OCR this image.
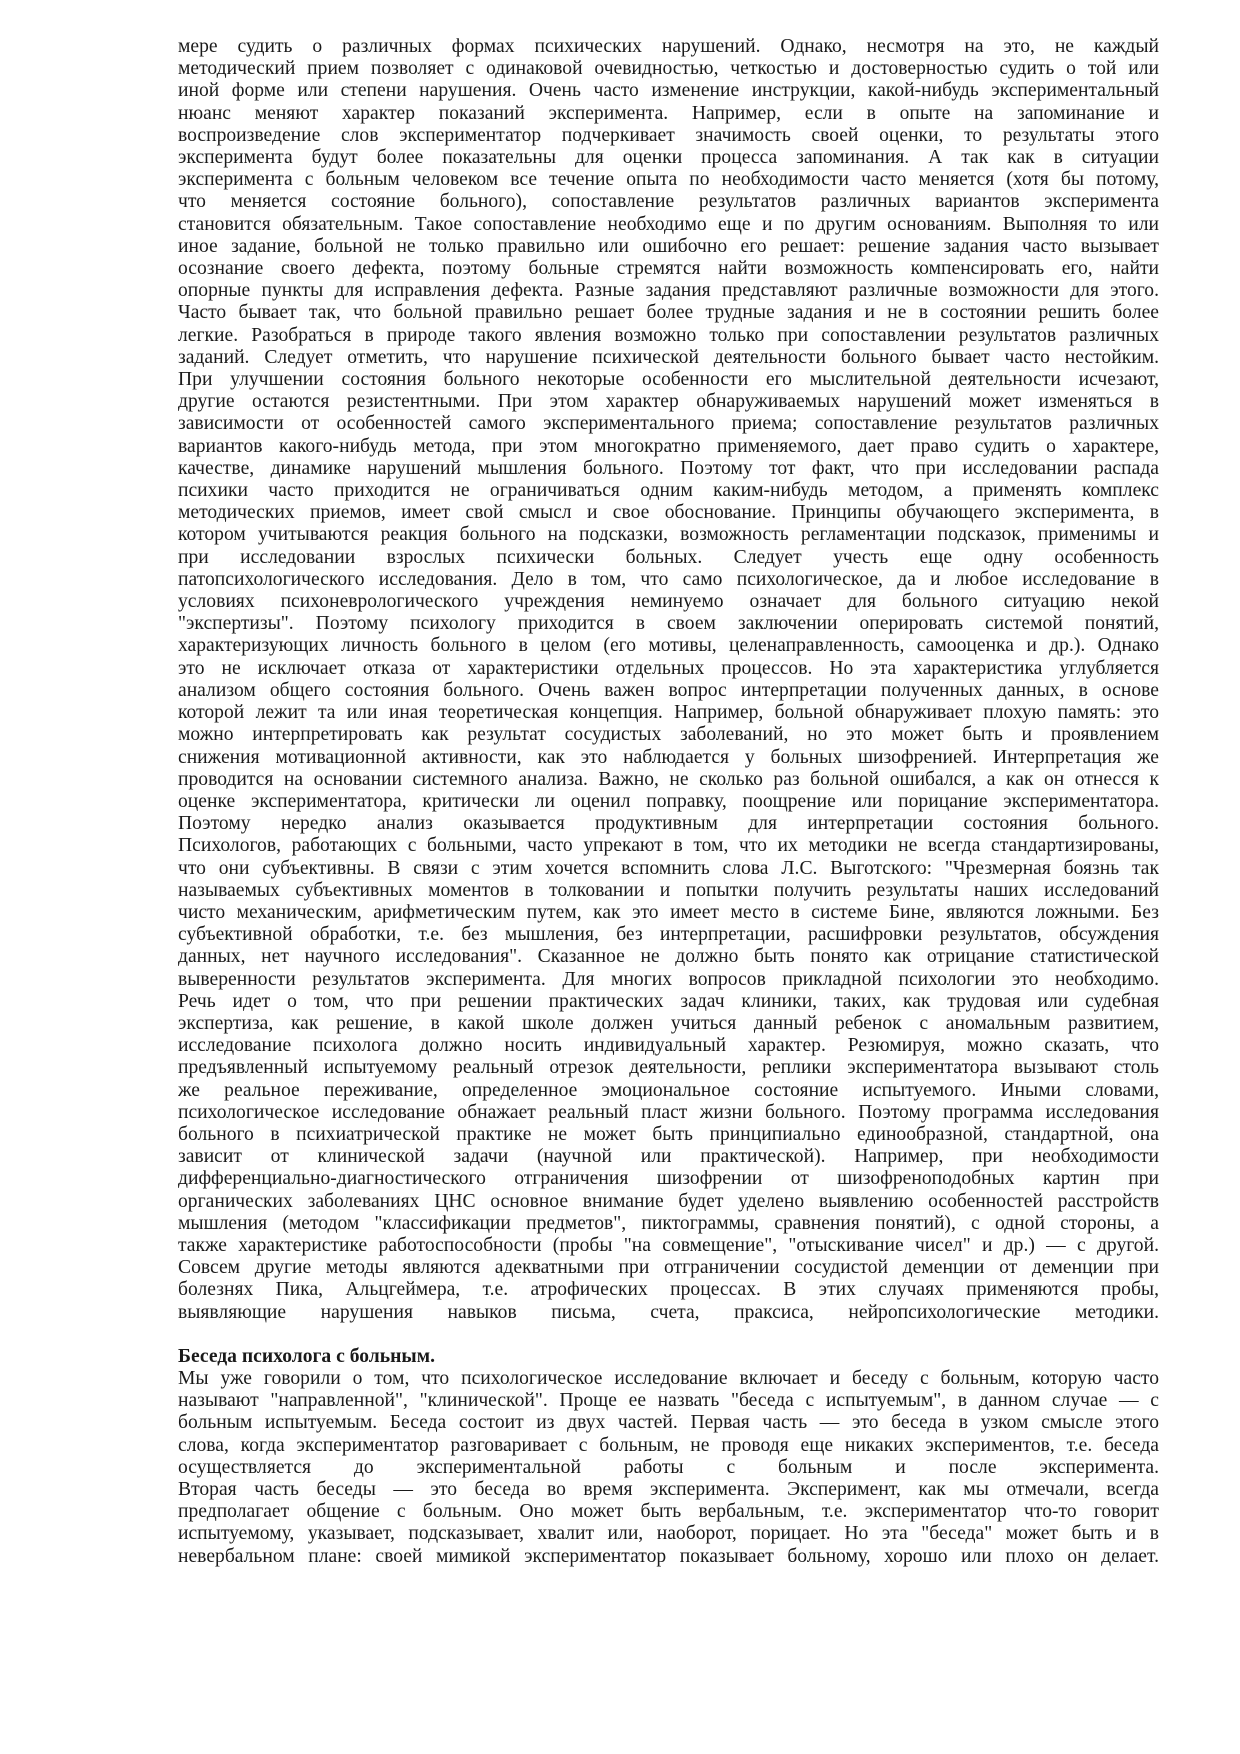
мере судить о различных формах психических нарушений. Однако, несмотря на это, не каждый
методический прием позволяет с одинаковой очевидностью, четкостью и достоверностью судить о той или
иной форме или степени нарушения. Очень часто изменение инструкции, какой-нибудь экспериментальный
нюанс меняют характер показаний эксперимента. Например, если в опыте на запоминание и
воспроизведение слов экспериментатор подчеркивает значимость своей оценки, то результаты этого
эксперимента будут более показательны для оценки процесса запоминания. А так как в ситуации
эксперимента с больным человеком все течение опыта по необходимости часто меняется (хотя бы потому,
что меняется состояние больного), сопоставление результатов различных вариантов эксперимента
становится обязательным. Такое сопоставление необходимо еще и по другим основаниям. Выполняя то или
иное задание, больной не только правильно или ошибочно его решает: решение задания часто вызывает
осознание своего дефекта, поэтому больные стремятся найти возможность компенсировать его, найти
опорные пункты для исправления дефекта. Разные задания представляют различные возможности для этого.
Часто бывает так, что больной правильно решает более трудные задания и не в состоянии решить более
легкие. Разобраться в природе такого явления возможно только при сопоставлении результатов различных
заданий. Следует отметить, что нарушение психической деятельности больного бывает часто нестойким.
При улучшении состояния больного некоторые особенности его мыслительной деятельности исчезают,
другие остаются резистентными. При этом характер обнаруживаемых нарушений может изменяться в
зависимости от особенностей самого экспериментального приема; сопоставление результатов различных
вариантов какого-нибудь метода, при этом многократно применяемого, дает право судить о характере,
качестве, динамике нарушений мышления больного. Поэтому тот факт, что при исследовании распада
психики часто приходится не ограничиваться одним каким-нибудь методом, а применять комплекс
методических приемов, имеет свой смысл и свое обоснование. Принципы обучающего эксперимента, в
котором учитываются реакция больного на подсказки, возможность регламентации подсказок, применимы и
при исследовании взрослых психически больных. Следует учесть еще одну особенность
патопсихологического исследования. Дело в том, что само психологическое, да и любое исследование в
условиях психоневрологического учреждения неминуемо означает для больного ситуацию некой
"экспертизы". Поэтому психологу приходится в своем заключении оперировать системой понятий,
характеризующих личность больного в целом (его мотивы, целенаправленность, самооценка и др.). Однако
это не исключает отказа от характеристики отдельных процессов. Но эта характеристика углубляется
анализом общего состояния больного. Очень важен вопрос интерпретации полученных данных, в основе
которой лежит та или иная теоретическая концепция. Например, больной обнаруживает плохую память: это
можно интерпретировать как результат сосудистых заболеваний, но это может быть и проявлением
снижения мотивационной активности, как это наблюдается у больных шизофренией. Интерпретация же
проводится на основании системного анализа. Важно, не сколько раз больной ошибался, а как он отнесся к
оценке экспериментатора, критически ли оценил поправку, поощрение или порицание экспериментатора.
Поэтому нередко анализ оказывается продуктивным для интерпретации состояния больного.
Психологов, работающих с больными, часто упрекают в том, что их методики не всегда стандартизированы,
что они субъективны. В связи с этим хочется вспомнить слова Л.С. Выготского: "Чрезмерная боязнь так
называемых субъективных моментов в толковании и попытки получить результаты наших исследований
чисто механическим, арифметическим путем, как это имеет место в системе Бине, являются ложными. Без
субъективной обработки, т.е. без мышления, без интерпретации, расшифровки результатов, обсуждения
данных, нет научного исследования". Сказанное не должно быть понято как отрицание статистической
выверенности результатов эксперимента. Для многих вопросов прикладной психологии это необходимо.
Речь идет о том, что при решении практических задач клиники, таких, как трудовая или судебная
экспертиза, как решение, в какой школе должен учиться данный ребенок с аномальным развитием,
исследование психолога должно носить индивидуальный характер. Резюмируя, можно сказать, что
предъявленный испытуемому реальный отрезок деятельности, реплики экспериментатора вызывают столь
же реальное переживание, определенное эмоциональное состояние испытуемого. Иными словами,
психологическое исследование обнажает реальный пласт жизни больного. Поэтому программа исследования
больного в психиатрической практике не может быть принципиально единообразной, стандартной, она
зависит от клинической задачи (научной или практической). Например, при необходимости
дифференциально-диагностического отграничения шизофрении от шизофреноподобных картин при
органических заболеваниях ЦНС основное внимание будет уделено выявлению особенностей расстройств
мышления (методом "классификации предметов", пиктограммы, сравнения понятий), с одной стороны, а
также характеристике работоспособности (пробы "на совмещение", "отыскивание чисел" и др.) — с другой.
Совсем другие методы являются адекватными при отграничении сосудистой деменции от деменции при
болезнях Пика, Альцгеймера, т.е. атрофических процессах. В этих случаях применяются пробы,
выявляющие нарушения навыков письма, счета, праксиса, нейропсихологические методики.
Беседа психолога с больным.
Мы уже говорили о том, что психологическое исследование включает и беседу с больным, которую часто
называют "направленной", "клинической". Проще ее назвать "беседа с испытуемым", в данном случае — с
больным испытуемым. Беседа состоит из двух частей. Первая часть — это беседа в узком смысле этого
слова, когда экспериментатор разговаривает с больным, не проводя еще никаких экспериментов, т.е. беседа
осуществляется до экспериментальной работы с больным и после эксперимента.
Вторая часть беседы — это беседа во время эксперимента. Эксперимент, как мы отмечали, всегда
предполагает общение с больным. Оно может быть вербальным, т.е. экспериментатор что-то говорит
испытуемому, указывает, подсказывает, хвалит или, наоборот, порицает. Но эта "беседа" может быть и в
невербальном плане: своей мимикой экспериментатор показывает больному, хорошо или плохо он делает.
